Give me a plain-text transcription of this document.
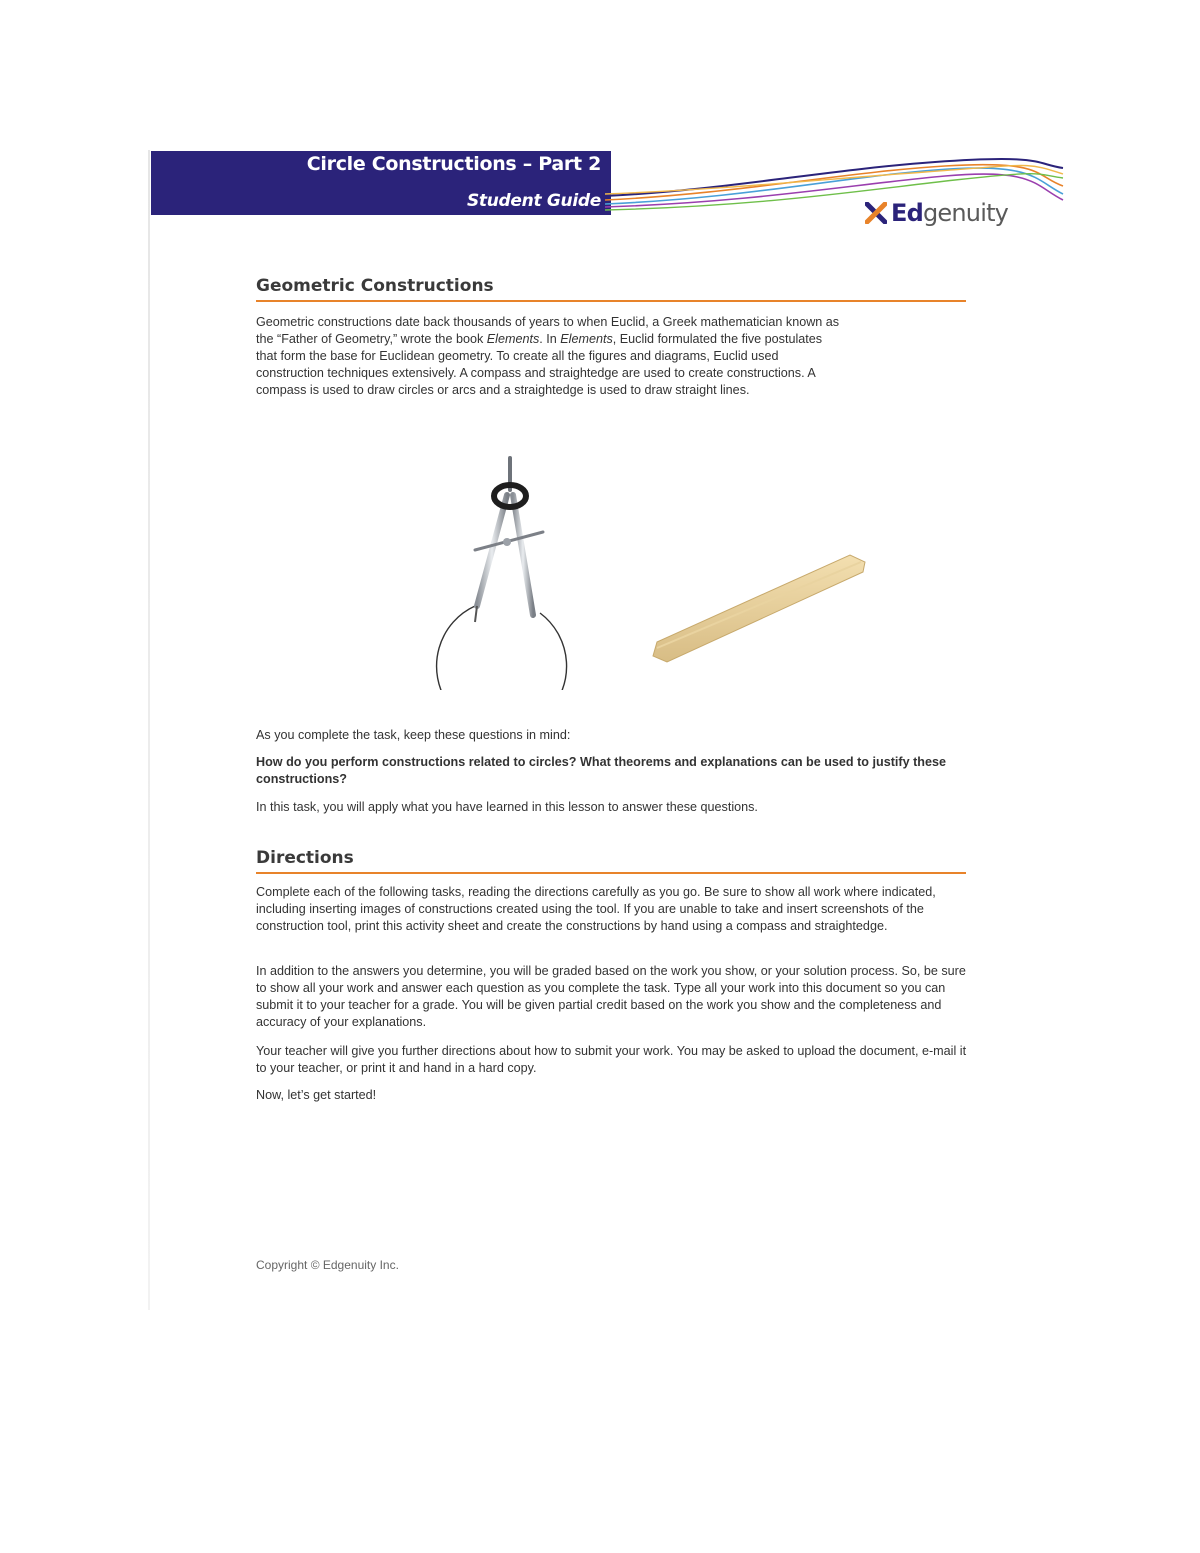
Circle Constructions – Part 2
Student Guide	Edgenuity
Geometric Constructions
Geometric constructions date back thousands of years to when Euclid, a Greek mathematician known as
the “Father of Geometry,” wrote the book Elements. In Elements, Euclid formulated the five postulates
that form the base for Euclidean geometry. To create all the figures and diagrams, Euclid used
construction techniques extensively. A compass and straightedge are used to create constructions. A
compass is used to draw circles or arcs and a straightedge is used to draw straight lines.
As you complete the task, keep these questions in mind:
How do you perform constructions related to circles? What theorems and explanations can be used to justify these constructions?
In this task, you will apply what you have learned in this lesson to answer these questions.
Directions
Complete each of the following tasks, reading the directions carefully as you go. Be sure to show all work where indicated, including inserting images of constructions created using the tool. If you are unable to take and insert screenshots of the construction tool, print this activity sheet and create the constructions by hand using a compass and straightedge.
In addition to the answers you determine, you will be graded based on the work you show, or your solution process. So, be sure to show all your work and answer each question as you complete the task. Type all your work into this document so you can submit it to your teacher for a grade. You will be given partial credit based on the work you show and the completeness and accuracy of your explanations.
Your teacher will give you further directions about how to submit your work. You may be asked to upload the document, e-mail it to your teacher, or print it and hand in a hard copy.
Now, let’s get started!
Copyright © Edgenuity Inc.
